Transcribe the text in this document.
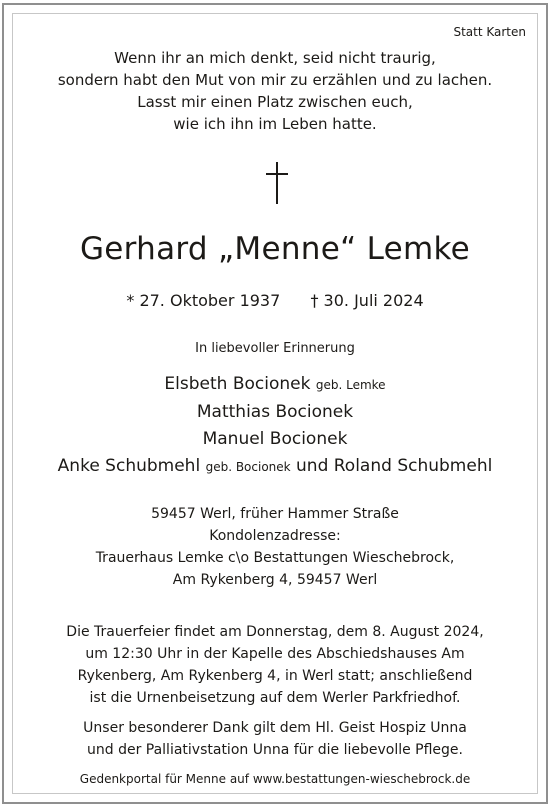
Statt Karten
Wenn ihr an mich denkt, seid nicht traurig,
sondern habt den Mut von mir zu erzählen und zu lachen.
Lasst mir einen Platz zwischen euch,
wie ich ihn im Leben hatte.
Gerhard „Menne“ Lemke
* 27. Oktober 1937 † 30. Juli 2024
In liebevoller Erinnerung
Elsbeth Bocionek geb. Lemke
Matthias Bocionek
Manuel Bocionek
Anke Schubmehl geb. Bocionek und Roland Schubmehl
59457 Werl, früher Hammer Straße
Kondolenzadresse:
Trauerhaus Lemke c\o Bestattungen Wieschebrock,
Am Rykenberg 4, 59457 Werl
Die Trauerfeier findet am Donnerstag, dem 8. August 2024,
um 12:30 Uhr in der Kapelle des Abschiedshauses Am
Rykenberg, Am Rykenberg 4, in Werl statt; anschließend
ist die Urnenbeisetzung auf dem Werler Parkfriedhof.
Unser besonderer Dank gilt dem Hl. Geist Hospiz Unna
und der Palliativstation Unna für die liebevolle Pflege.
Gedenkportal für Menne auf www.bestattungen-wieschebrock.de
